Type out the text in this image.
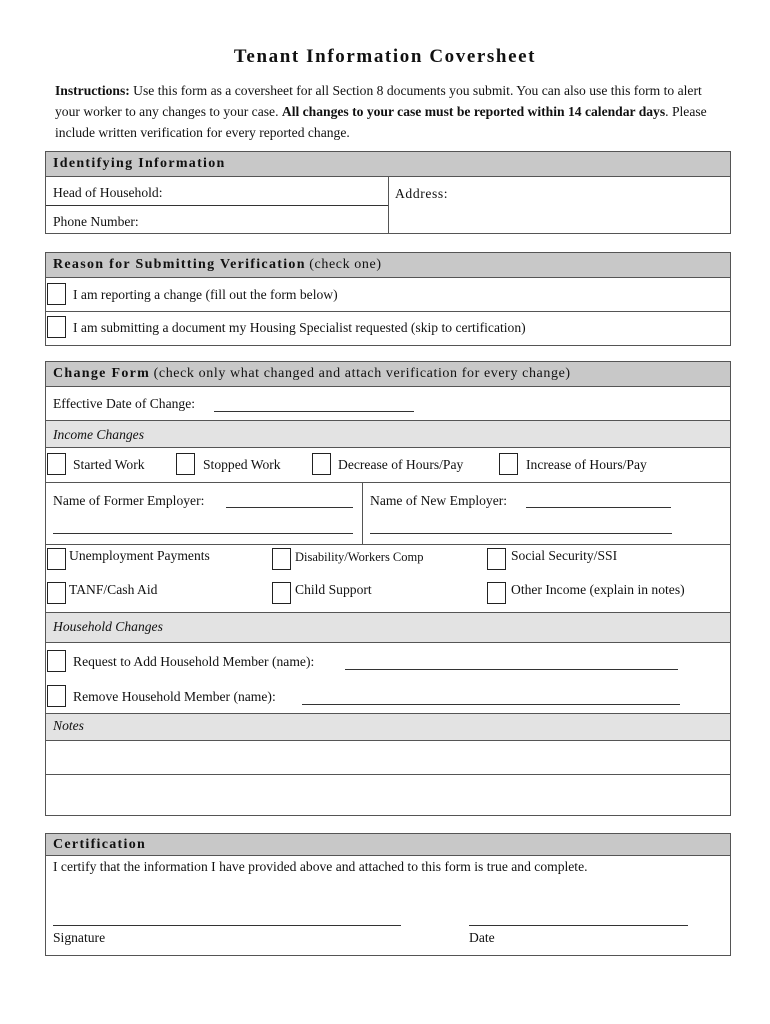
Tenant Information Coversheet
Instructions: Use this form as a coversheet for all Section 8 documents you submit. You can also use this form to alert your worker to any changes to your case. All changes to your case must be reported within 14 calendar days. Please include written verification for every reported change.
Identifying Information
Head of Household:
Phone Number:
Address:
Reason for Submitting Verification (check one)
I am reporting a change (fill out the form below)
I am submitting a document my Housing Specialist requested (skip to certification)
Change Form (check only what changed and attach verification for every change)
Effective Date of Change:
Income Changes
Started Work	Stopped Work	Decrease of Hours/Pay	Increase of Hours/Pay
Name of Former Employer:	Name of New Employer:
Unemployment Payments	Disability/Workers Comp	Social Security/SSI
TANF/Cash Aid	Child Support	Other Income (explain in notes)
Household Changes
Request to Add Household Member (name):
Remove Household Member (name):
Notes
Certification
I certify that the information I have provided above and attached to this form is true and complete.
Signature	Date
